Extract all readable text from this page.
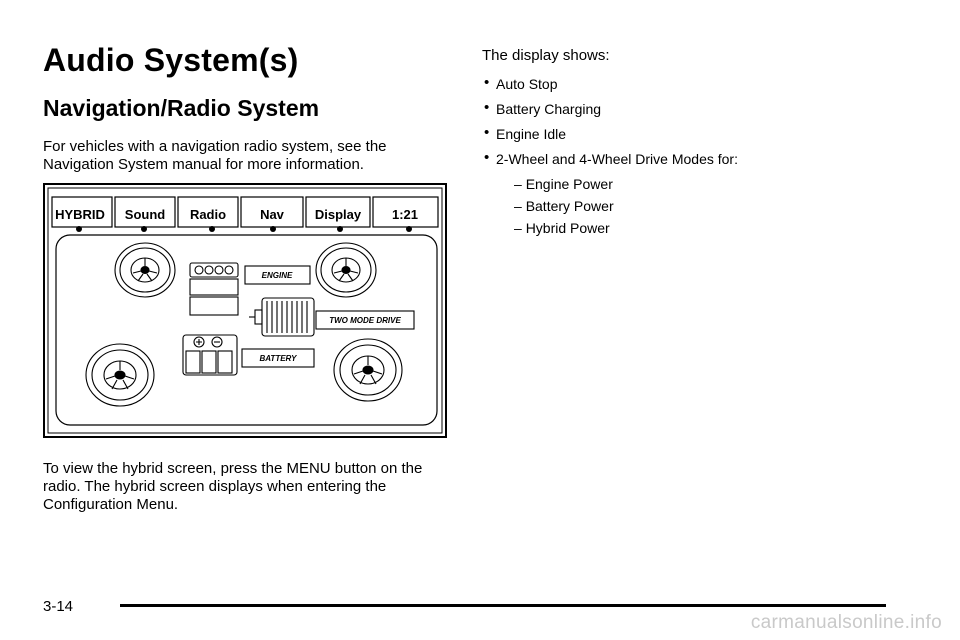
Audio System(s)
Navigation/Radio System

For vehicles with a navigation radio system, see the Navigation System manual for more information.

HYBRID Sound Radio	Nav Display 1:21
ENGINE
TWO MODE DRIVE
BATTERY

To view the hybrid screen, press the MENU button on the radio. The hybrid screen displays when entering the Configuration Menu.

The display shows:

• Auto Stop
• Battery Charging
• Engine Idle
• 2-Wheel and 4-Wheel Drive Modes for:
– Engine Power
– Battery Power
– Hybrid Power
3-14
carmanualsonline.info
